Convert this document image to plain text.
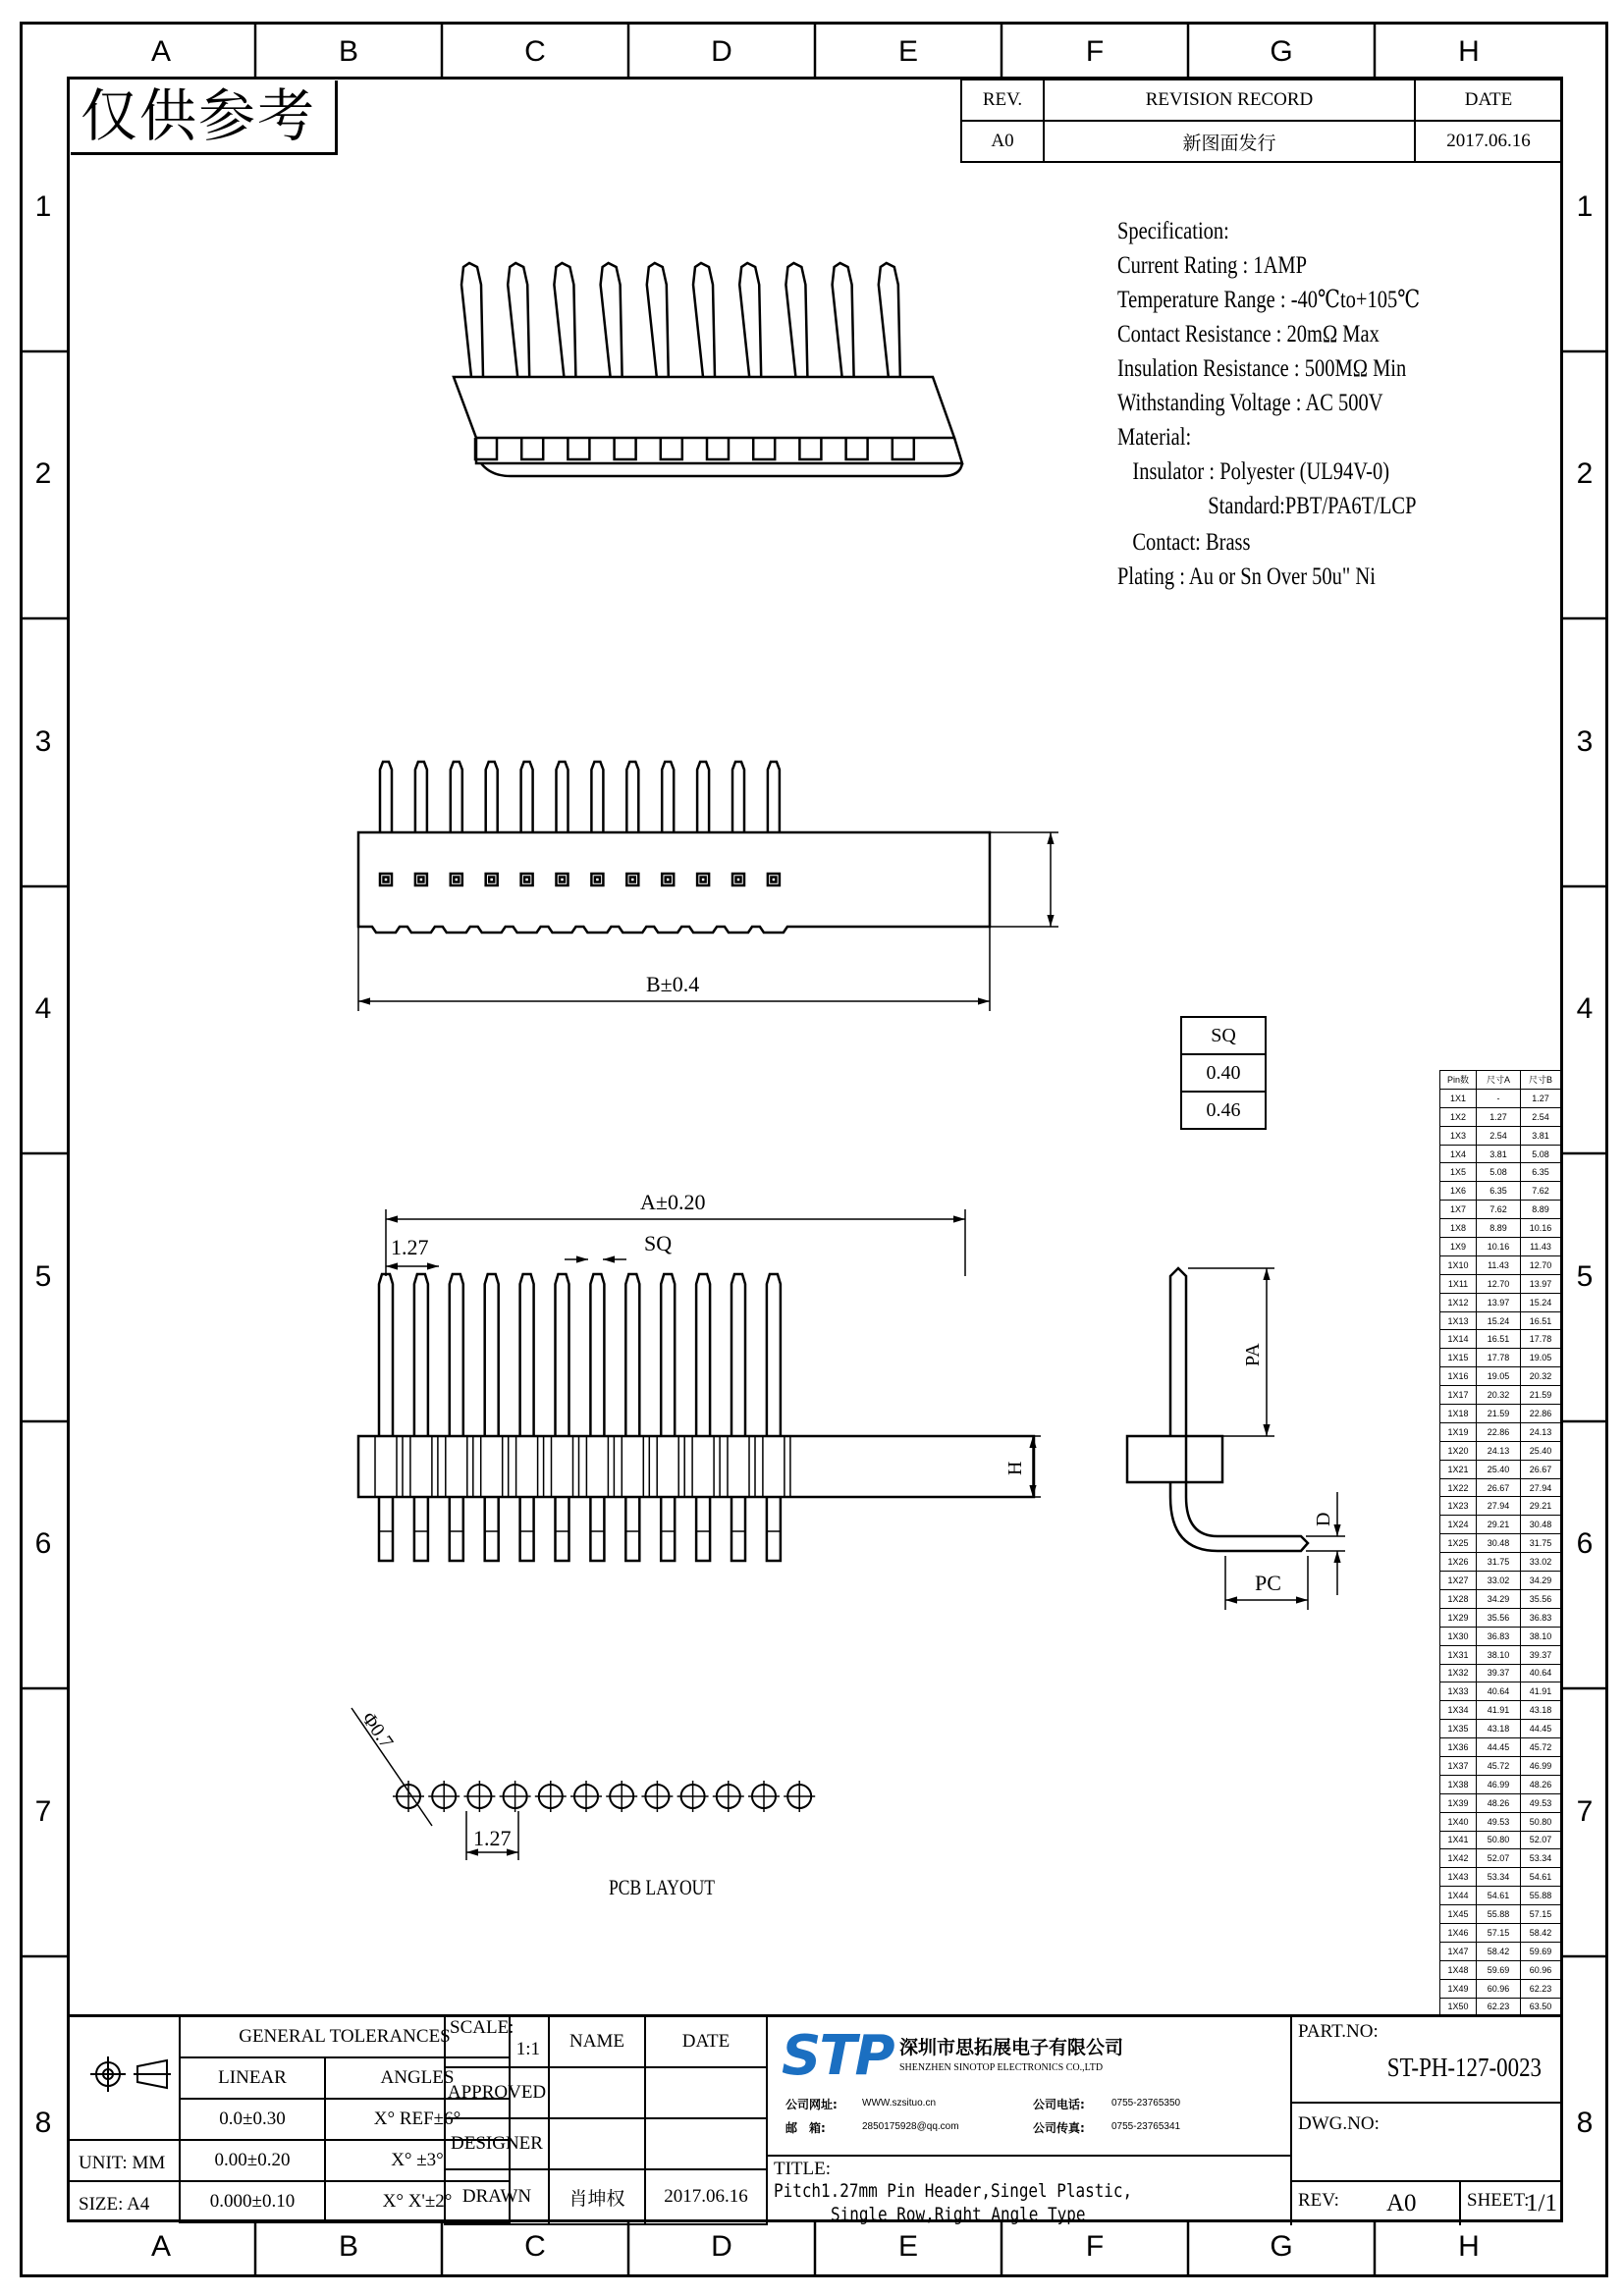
A	B	C	D	E	F	G	H
A	B	C	D	E	F	G	H
1
2
3
4
5
6
7
8
1
2
3
4
5
6
7
8
仅供参考	REV.	REVISION RECORD	DATE
A0	新图面发行	2017.06.16
Specification:
Current Rating : 1AMP
Temperature Range : -40℃to+105℃
Contact Resistance : 20mΩ Max
Insulation Resistance : 500MΩ Min
Withstanding Voltage : AC 500V
Material:
Insulator : Polyester (UL94V-0)
Standard:PBT/PA6T/LCP
Contact: Brass
Plating : Au or Sn Over 50u" Ni
B±0.4
A±0.20
1.27	SQ
H
PA
D
PC
Φ0.7
1.27
PCB LAYOUT
SQ
0.40
0.46
Pin数	尺寸A	尺寸B
1X1	-	1.27
1X2	1.27	2.54
1X3	2.54	3.81
1X4	3.81	5.08
1X5	5.08	6.35
1X6	6.35	7.62
1X7	7.62	8.89
1X8	8.89	10.16
1X9	10.16	11.43
1X10	11.43	12.70
1X11	12.70	13.97
1X12	13.97	15.24
1X13	15.24	16.51
1X14	16.51	17.78
1X15	17.78	19.05
1X16	19.05	20.32
1X17	20.32	21.59
1X18	21.59	22.86
1X19	22.86	24.13
1X20	24.13	25.40
1X21	25.40	26.67
1X22	26.67	27.94
1X23	27.94	29.21
1X24	29.21	30.48
1X25	30.48	31.75
1X26	31.75	33.02
1X27	33.02	34.29
1X28	34.29	35.56
1X29	35.56	36.83
1X30	36.83	38.10
1X31	38.10	39.37
1X32	39.37	40.64
1X33	40.64	41.91
1X34	41.91	43.18
1X35	43.18	44.45
1X36	44.45	45.72
1X37	45.72	46.99
1X38	46.99	48.26
1X39	48.26	49.53
1X40	49.53	50.80
1X41	50.80	52.07
1X42	52.07	53.34
1X43	53.34	54.61
1X44	54.61	55.88
1X45	55.88	57.15
1X46	57.15	58.42
1X47	58.42	59.69
1X48	59.69	60.96
1X49	60.96	62.23
1X50	62.23	63.50
GENERAL TOLERANCES	
LINEAR	ANGLES
0.0±0.30	X° REF±6°
0.00±0.20	X° ±3°
0.000±0.10	X° X'±2°
UNIT: MM
SIZE: A4
SCALE:
1:1	NAME	DATE
APPROVED		
DESIGNER		
DRAWN	肖坤权	2017.06.16
STP 深圳市思拓展电子有限公司
SHENZHEN SINOTOP ELECTRONICS CO.,LTD
公司网址:	WWW.szsituo.cn	公司电话:	0755-23765350
邮　箱:	2850175928@qq.com	公司传真:	0755-23765341
TITLE:
Pitch1.27mm Pin Header,Singel Plastic,
Single Row,Right Angle Type
PART.NO:
ST-PH-127-0023
DWG.NO:
REV: A0	SHEET:
1/1
